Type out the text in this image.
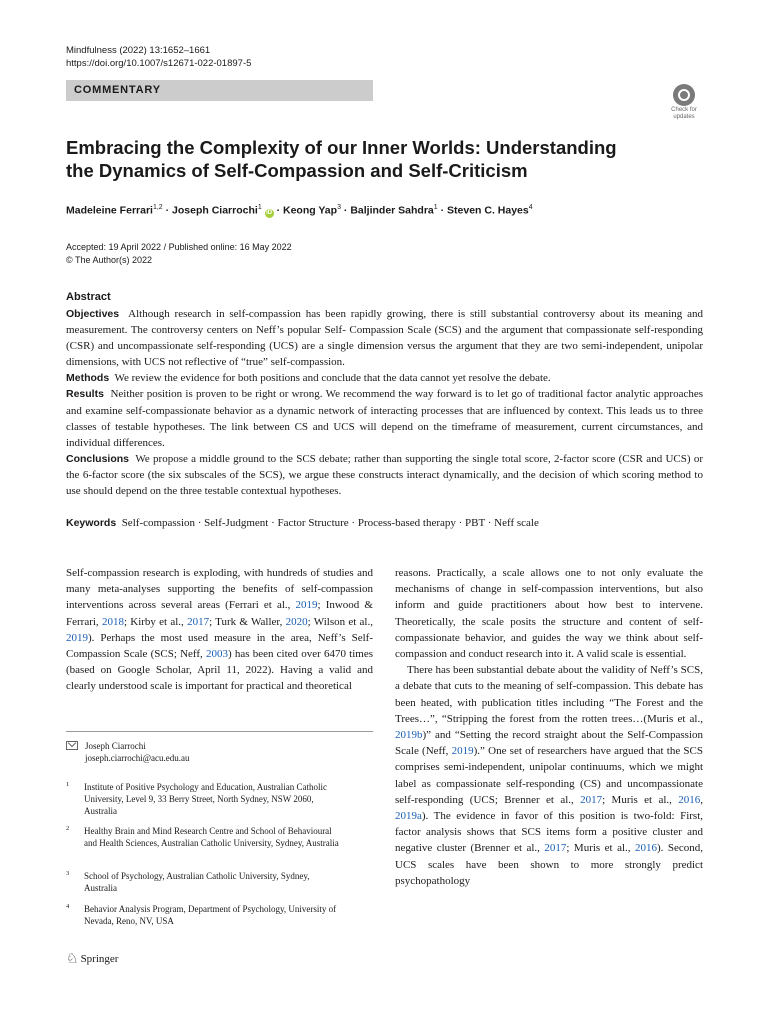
Mindfulness (2022) 13:1652–1661
https://doi.org/10.1007/s12671-022-01897-5
COMMENTARY
Check for updates
Embracing the Complexity of our Inner Worlds: Understanding the Dynamics of Self-Compassion and Self-Criticism
Madeleine Ferrari$^{1,2}$ · Joseph Ciarrochi$^1$ iD · Keong Yap$^3$ · Baljinder Sahdra$^1$ · Steven C. Hayes$^4$
Accepted: 19 April 2022 / Published online: 16 May 2022
© The Author(s) 2022
Abstract
Objectives Although research in self-compassion has been rapidly growing, there is still substantial controversy about its meaning and measurement. The controversy centers on Neff’s popular Self- Compassion Scale (SCS) and the argument that compassionate self-responding (CSR) and uncompassionate self-responding (UCS) are a single dimension versus the argument that they are two semi-independent, unipolar dimensions, with UCS not reflective of “true” self-compassion.
Methods We review the evidence for both positions and conclude that the data cannot yet resolve the debate.
Results Neither position is proven to be right or wrong. We recommend the way forward is to let go of traditional factor analytic approaches and examine self-compassionate behavior as a dynamic network of interacting processes that are influenced by context. This leads us to three classes of testable hypotheses. The link between CS and UCS will depend on the timeframe of measurement, current circumstances, and individual differences.
Conclusions We propose a middle ground to the SCS debate; rather than supporting the single total score, 2-factor score (CSR and UCS) or the 6-factor score (the six subscales of the SCS), we argue these constructs interact dynamically, and the decision of which scoring method to use should depend on the three testable contextual hypotheses.
Keywords Self-compassion · Self-Judgment · Factor Structure · Process-based therapy · PBT · Neff scale

Self-compassion research is exploding, with hundreds of studies and many meta-analyses supporting the benefits of self-compassion interventions across several areas (Ferrari et al., 2019; Inwood & Ferrari, 2018; Kirby et al., 2017; Turk & Waller, 2020; Wilson et al., 2019). Perhaps the most used measure in the area, Neff’s Self-Compassion Scale (SCS; Neff, 2003) has been cited over 6470 times (based on Google Scholar, April 11, 2022). Having a valid and clearly understood scale is important for practical and theoretical

reasons. Practically, a scale allows one to not only evaluate the mechanisms of change in self-compassion interventions, but also inform and guide practitioners about how best to intervene. Theoretically, the scale posits the structure and content of self-compassionate behavior, and guides the way we think about self-compassion and conduct research into it. A valid scale is essential.

There has been substantial debate about the validity of Neff’s SCS, a debate that cuts to the meaning of self-compassion. This debate has been heated, with publication titles including “The Forest and the Trees…”, “Stripping the forest from the rotten trees…(Muris et al., 2019b)” and “Setting the record straight about the Self-Compassion Scale (Neff, 2019).” One set of researchers have argued that the SCS comprises semi-independent, unipolar continuums, which we might label as compassionate self-responding (CS) and uncompassionate self-responding (UCS; Brenner et al., 2017; Muris et al., 2016, 2019a). The evidence in favor of this position is two-fold: First, factor analysis shows that SCS items form a positive cluster and negative cluster (Brenner et al., 2017; Muris et al., 2016). Second, UCS scales have been shown to more strongly predict psychopathology

Joseph Ciarrochi
joseph.ciarrochi@acu.edu.au
1	Institute of Positive Psychology and Education, Australian Catholic University, Level 9, 33 Berry Street, North Sydney, NSW 2060, Australia
2	Healthy Brain and Mind Research Centre and School of Behavioural and Health Sciences, Australian Catholic University, Sydney, Australia
3	School of Psychology, Australian Catholic University, Sydney, Australia
4	Behavior Analysis Program, Department of Psychology, University of Nevada, Reno, NV, USA
♘ Springer
